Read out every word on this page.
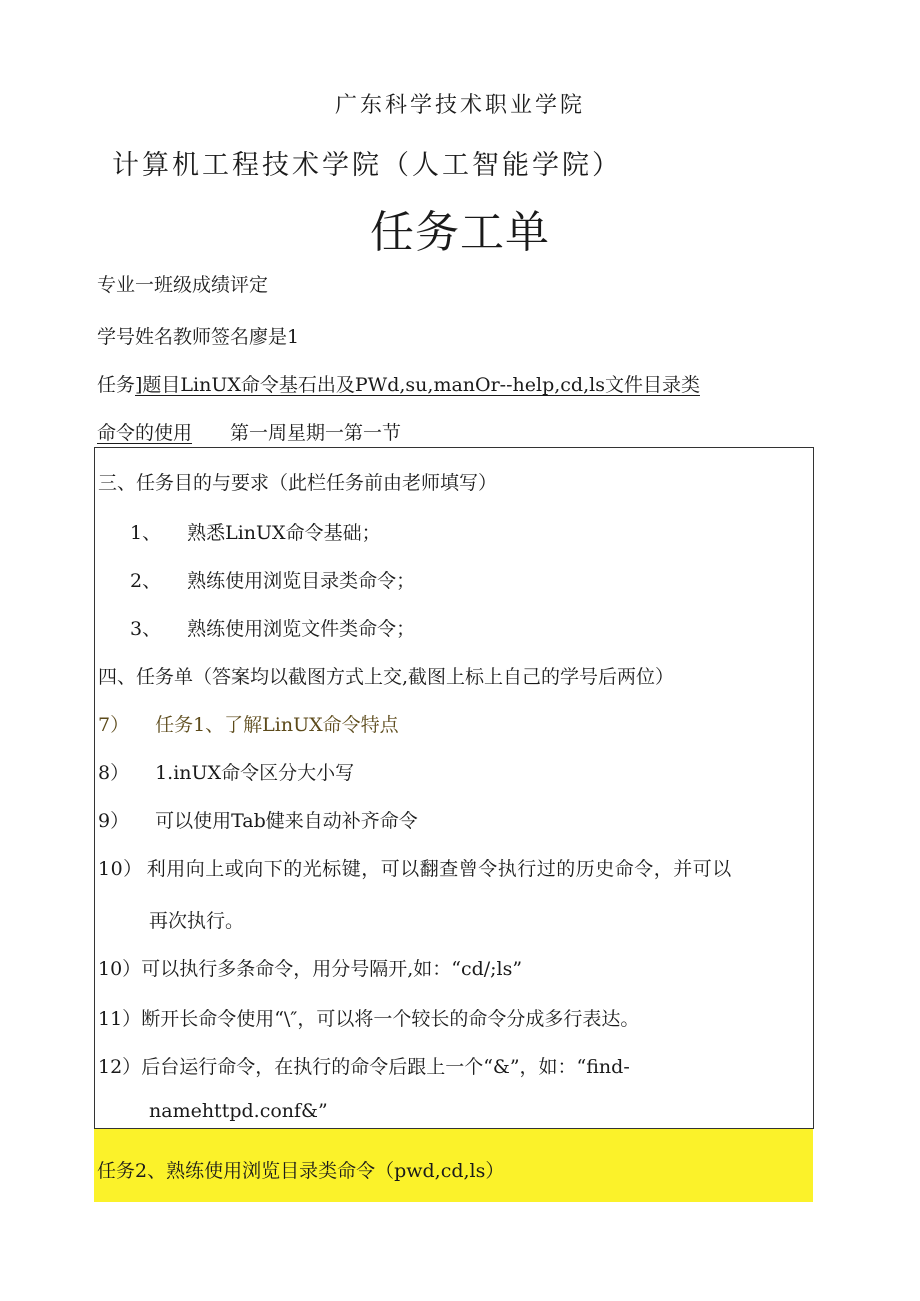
广东科学技术职业学院
计算机工程技术学院（人工智能学院）
任务工单
专业一班级成绩评定
学号姓名教师签名廖是1
任务]题目LinUX命令基石出及PWd,su,manOr--help,cd,ls文件目录类
命令的使用 第一周星期一第一节
三、任务目的与要求（此栏任务前由老师填写）
1、 熟悉LinUX命令基础；
2、 熟练使用浏览目录类命令；
3、 熟练使用浏览文件类命令；
四、任务单（答案均以截图方式上交,截图上标上自己的学号后两位）
7） 任务1、了解LinUX命令特点
8） 1.inUX命令区分大小写
9） 可以使用Tab健来自动补齐命令
10） 利用向上或向下的光标键，可以翻查曾令执行过的历史命令，并可以
再次执行。
10）可以执行多条命令，用分号隔开,如：“cd/;ls”
11）断开长命令使用“\″，可以将一个较长的命令分成多行表达。
12）后台运行命令，在执行的命令后跟上一个“&”，如：“find-
namehttpd.conf&”
任务2、熟练使用浏览目录类命令（pwd,cd,ls）
